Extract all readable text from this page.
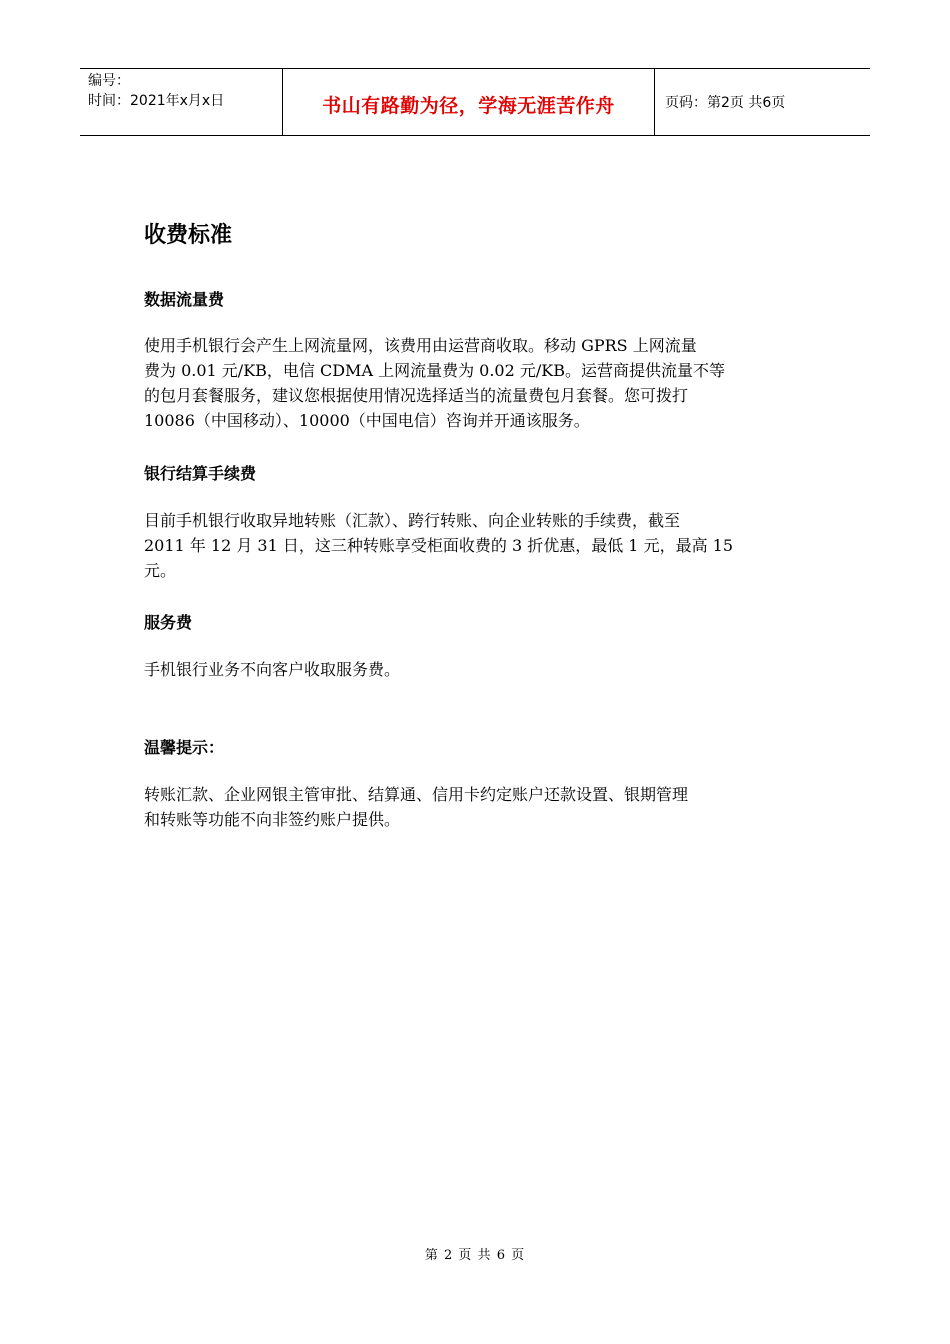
编号：
时间：2021年x月x日	书山有路勤为径，学海无涯苦作舟	页码：第2页 共6页
收费标准
数据流量费

使用手机银行会产生上网流量网，该费用由运营商收取。移动 GPRS 上网流量
费为 0.01 元/KB，电信 CDMA 上网流量费为 0.02 元/KB。运营商提供流量不等
的包月套餐服务，建议您根据使用情况选择适当的流量费包月套餐。您可拨打
10086（中国移动）、10000（中国电信）咨询并开通该服务。

银行结算手续费

目前手机银行收取异地转账（汇款）、跨行转账、向企业转账的手续费，截至
2011 年 12 月 31 日，这三种转账享受柜面收费的 3 折优惠，最低 1 元，最高 15
元。

服务费

手机银行业务不向客户收取服务费。

温馨提示：

转账汇款、企业网银主管审批、结算通、信用卡约定账户还款设置、银期管理
和转账等功能不向非签约账户提供。

第 2 页 共 6 页
